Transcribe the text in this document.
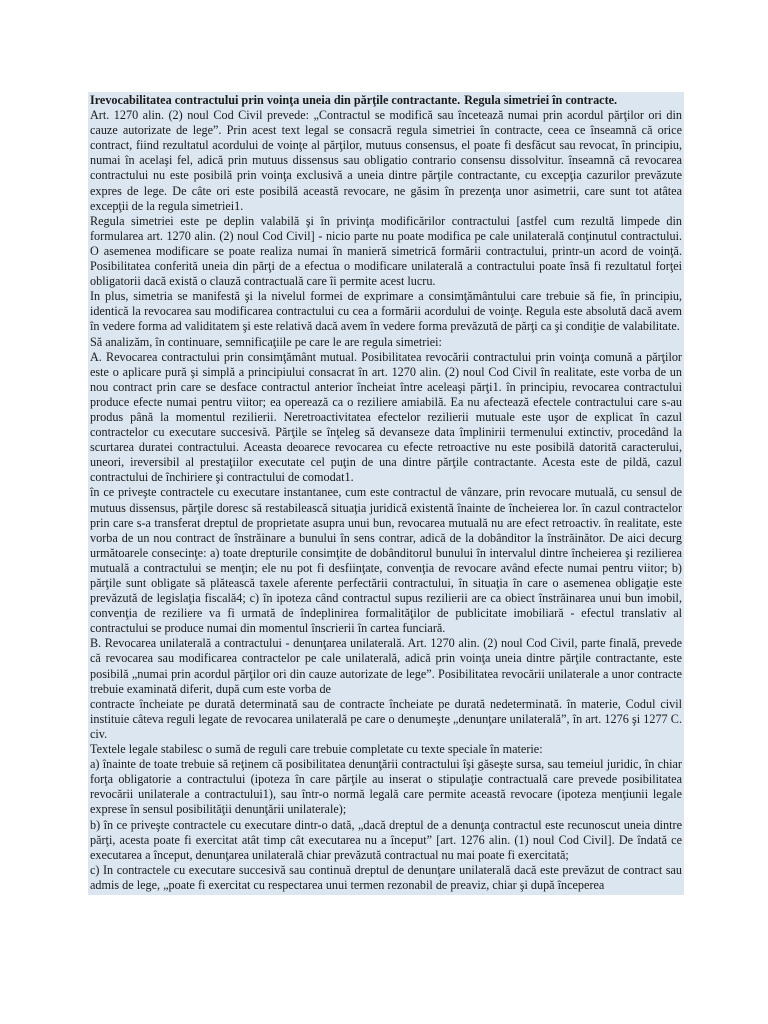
Irevocabilitatea contractului prin voinţa uneia din părţile contractante. Regula simetriei în contracte.

Art. 1270 alin. (2) noul Cod Civil prevede: „Contractul se modifică sau încetează numai prin acordul părţilor ori din cauze autorizate de lege”. Prin acest text legal se consacră regula simetriei în contracte, ceea ce înseamnă că orice contract, fiind rezultatul acordului de voinţe al părţilor, mutuus consensus, el poate fi desfăcut sau revocat, în principiu, numai în acelaşi fel, adică prin mutuus dissensus sau obligatio contrario consensu dissolvitur. înseamnă că revocarea contractului nu este posibilă prin voinţa exclusivă a uneia dintre părţile contractante, cu excepţia cazurilor prevăzute expres de lege. De câte ori este posibilă această revocare, ne găsim în prezenţa unor asimetrii, care sunt tot atâtea excepţii de la regula simetriei1.

Regula simetriei este pe deplin valabilă şi în privinţa modificărilor contractului [astfel cum rezultă limpede din formularea art. 1270 alin. (2) noul Cod Civil] - nicio parte nu poate modifica pe cale unilaterală conţinutul contractului. O asemenea modificare se poate realiza numai în manieră simetrică formării contractului, printr-un acord de voinţă. Posibilitatea conferită uneia din părţi de a efectua o modificare unilaterală a contractului poate însă fi rezultatul forţei obligatorii dacă există o clauză contractuală care îi permite acest lucru.

In plus, simetria se manifestă şi la nivelul formei de exprimare a consimţământului care trebuie să fie, în principiu, identică la revocarea sau modificarea contractului cu cea a formării acordului de voinţe. Regula este absolută dacă avem în vedere forma ad validitatem şi este relativă dacă avem în vedere forma prevăzută de părţi ca şi condiţie de valabilitate.

Să analizăm, în continuare, semnificaţiile pe care le are regula simetriei:

A. Revocarea contractului prin consimţământ mutual. Posibilitatea revocării contractului prin voinţa comună a părţilor este o aplicare pură şi simplă a principiului consacrat în art. 1270 alin. (2) noul Cod Civil în realitate, este vorba de un nou contract prin care se desface contractul anterior încheiat între aceleaşi părţi1. în principiu, revocarea contractului produce efecte numai pentru viitor; ea operează ca o reziliere amiabilă. Ea nu afectează efectele contractului care s-au produs până la momentul rezilierii. Neretroactivitatea efectelor rezilierii mutuale este uşor de explicat în cazul contractelor cu executare succesivă. Părţile se înţeleg să devanseze data împlinirii termenului extinctiv, procedând la scurtarea duratei contractului. Aceasta deoarece revocarea cu efecte retroactive nu este posibilă datorită caracterului, uneori, ireversibil al prestaţiilor executate cel puţin de una dintre părţile contractante. Acesta este de pildă, cazul contractului de închiriere şi contractului de comodat1.

în ce priveşte contractele cu executare instantanee, cum este contractul de vânzare, prin revocare mutuală, cu sensul de mutuus dissensus, părţile doresc să restabilească situaţia juridică existentă înainte de încheierea lor. în cazul contractelor prin care s-a transferat dreptul de proprietate asupra unui bun, revocarea mutuală nu are efect retroactiv. în realitate, este vorba de un nou contract de înstrăinare a bunului în sens contrar, adică de la dobânditor la înstrăinător. De aici decurg următoarele consecinţe: a) toate drepturile consimţite de dobânditorul bunului în intervalul dintre încheierea şi rezilierea mutuală a contractului se menţin; ele nu pot fi desfiinţate, convenţia de revocare având efecte numai pentru viitor; b) părţile sunt obligate să plătească taxele aferente perfectării contractului, în situaţia în care o asemenea obligaţie este prevăzută de legislaţia fiscală4; c) în ipoteza când contractul supus rezilierii are ca obiect înstrăinarea unui bun imobil, convenţia de reziliere va fi urmată de îndeplinirea formalităţilor de publicitate imobiliară - efectul translativ al contractului se produce numai din momentul înscrierii în cartea funciară.

B. Revocarea unilaterală a contractului - denunţarea unilaterală. Art. 1270 alin. (2) noul Cod Civil, parte finală, prevede că revocarea sau modificarea contractelor pe cale unilaterală, adică prin voinţa uneia dintre părţile contractante, este posibilă „numai prin acordul părţilor ori din cauze autorizate de lege”. Posibilitatea revocării unilaterale a unor contracte trebuie examinată diferit, după cum este vorba de

contracte încheiate pe durată determinată sau de contracte încheiate pe durată nedeterminată. în materie, Codul civil instituie câteva reguli legate de revocarea unilaterală pe care o denumeşte „denunţare unilaterală”, în art. 1276 şi 1277 C. civ.

Textele legale stabilesc o sumă de reguli care trebuie completate cu texte speciale în materie:

a) înainte de toate trebuie să reţinem că posibilitatea denunţării contractului îşi găseşte sursa, sau temeiul juridic, în chiar forţa obligatorie a contractului (ipoteza în care părţile au inserat o stipulaţie contractuală care prevede posibilitatea revocării unilaterale a contractului1), sau într-o normă legală care permite această revocare (ipoteza menţiunii legale exprese în sensul posibilităţii denunţării unilaterale);

b) în ce priveşte contractele cu executare dintr-o dată, „dacă dreptul de a denunţa contractul este recunoscut uneia dintre părţi, acesta poate fi exercitat atât timp cât executarea nu a început” [art. 1276 alin. (1) noul Cod Civil]. De îndată ce executarea a început, denunţarea unilaterală chiar prevăzută contractual nu mai poate fi exercitată;

c) In contractele cu executare succesivă sau continuă dreptul de denunţare unilaterală dacă este prevăzut de contract sau admis de lege, „poate fi exercitat cu respectarea unui termen rezonabil de preaviz, chiar şi după începerea
